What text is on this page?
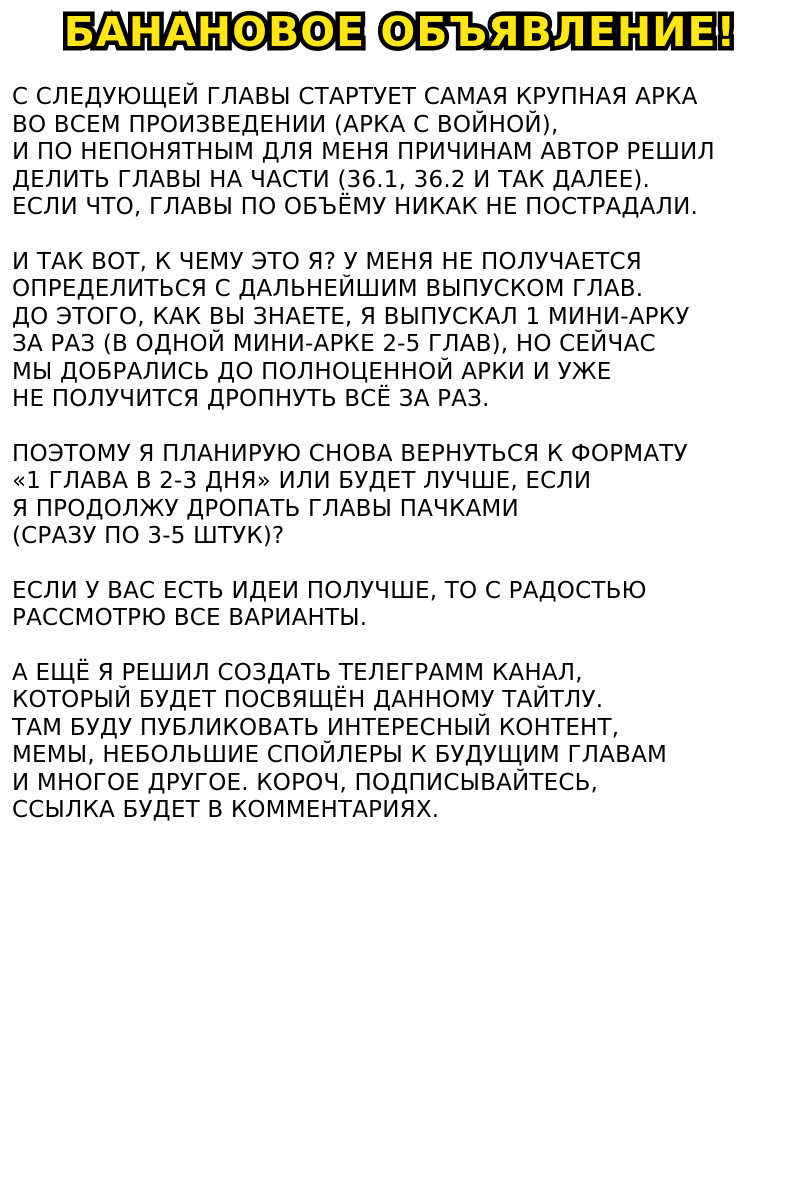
БАНАНОВОЕ ОБЪЯВЛЕНИЕ!
С СЛЕДУЮЩЕЙ ГЛАВЫ СТАРТУЕТ САМАЯ КРУПНАЯ АРКА
ВО ВСЕМ ПРОИЗВЕДЕНИИ (АРКА С ВОЙНОЙ),
И ПО НЕПОНЯТНЫМ ДЛЯ МЕНЯ ПРИЧИНАМ АВТОР РЕШИЛ
ДЕЛИТЬ ГЛАВЫ НА ЧАСТИ (36.1, 36.2 И ТАК ДАЛЕЕ).
ЕСЛИ ЧТО, ГЛАВЫ ПО ОБЪЁМУ НИКАК НЕ ПОСТРАДАЛИ.
И ТАК ВОТ, К ЧЕМУ ЭТО Я? У МЕНЯ НЕ ПОЛУЧАЕТСЯ
ОПРЕДЕЛИТЬСЯ С ДАЛЬНЕЙШИМ ВЫПУСКОМ ГЛАВ.
ДО ЭТОГО, КАК ВЫ ЗНАЕТЕ, Я ВЫПУСКАЛ 1 МИНИ-АРКУ
ЗА РАЗ (В ОДНОЙ МИНИ-АРКЕ 2-5 ГЛАВ), НО СЕЙЧАС
МЫ ДОБРАЛИСЬ ДО ПОЛНОЦЕННОЙ АРКИ И УЖЕ
НЕ ПОЛУЧИТСЯ ДРОПНУТЬ ВСЁ ЗА РАЗ.
ПОЭТОМУ Я ПЛАНИРУЮ СНОВА ВЕРНУТЬСЯ К ФОРМАТУ
«1 ГЛАВА В 2-3 ДНЯ» ИЛИ БУДЕТ ЛУЧШЕ, ЕСЛИ
Я ПРОДОЛЖУ ДРОПАТЬ ГЛАВЫ ПАЧКАМИ
(СРАЗУ ПО 3-5 ШТУК)?
ЕСЛИ У ВАС ЕСТЬ ИДЕИ ПОЛУЧШЕ, ТО С РАДОСТЬЮ
РАССМОТРЮ ВСЕ ВАРИАНТЫ.
А ЕЩЁ Я РЕШИЛ СОЗДАТЬ ТЕЛЕГРАММ КАНАЛ,
КОТОРЫЙ БУДЕТ ПОСВЯЩЁН ДАННОМУ ТАЙТЛУ.
ТАМ БУДУ ПУБЛИКОВАТЬ ИНТЕРЕСНЫЙ КОНТЕНТ,
МЕМЫ, НЕБОЛЬШИЕ СПОЙЛЕРЫ К БУДУЩИМ ГЛАВАМ
И МНОГОЕ ДРУГОЕ. КОРОЧ, ПОДПИСЫВАЙТЕСЬ,
ССЫЛКА БУДЕТ В КОММЕНТАРИЯХ.
